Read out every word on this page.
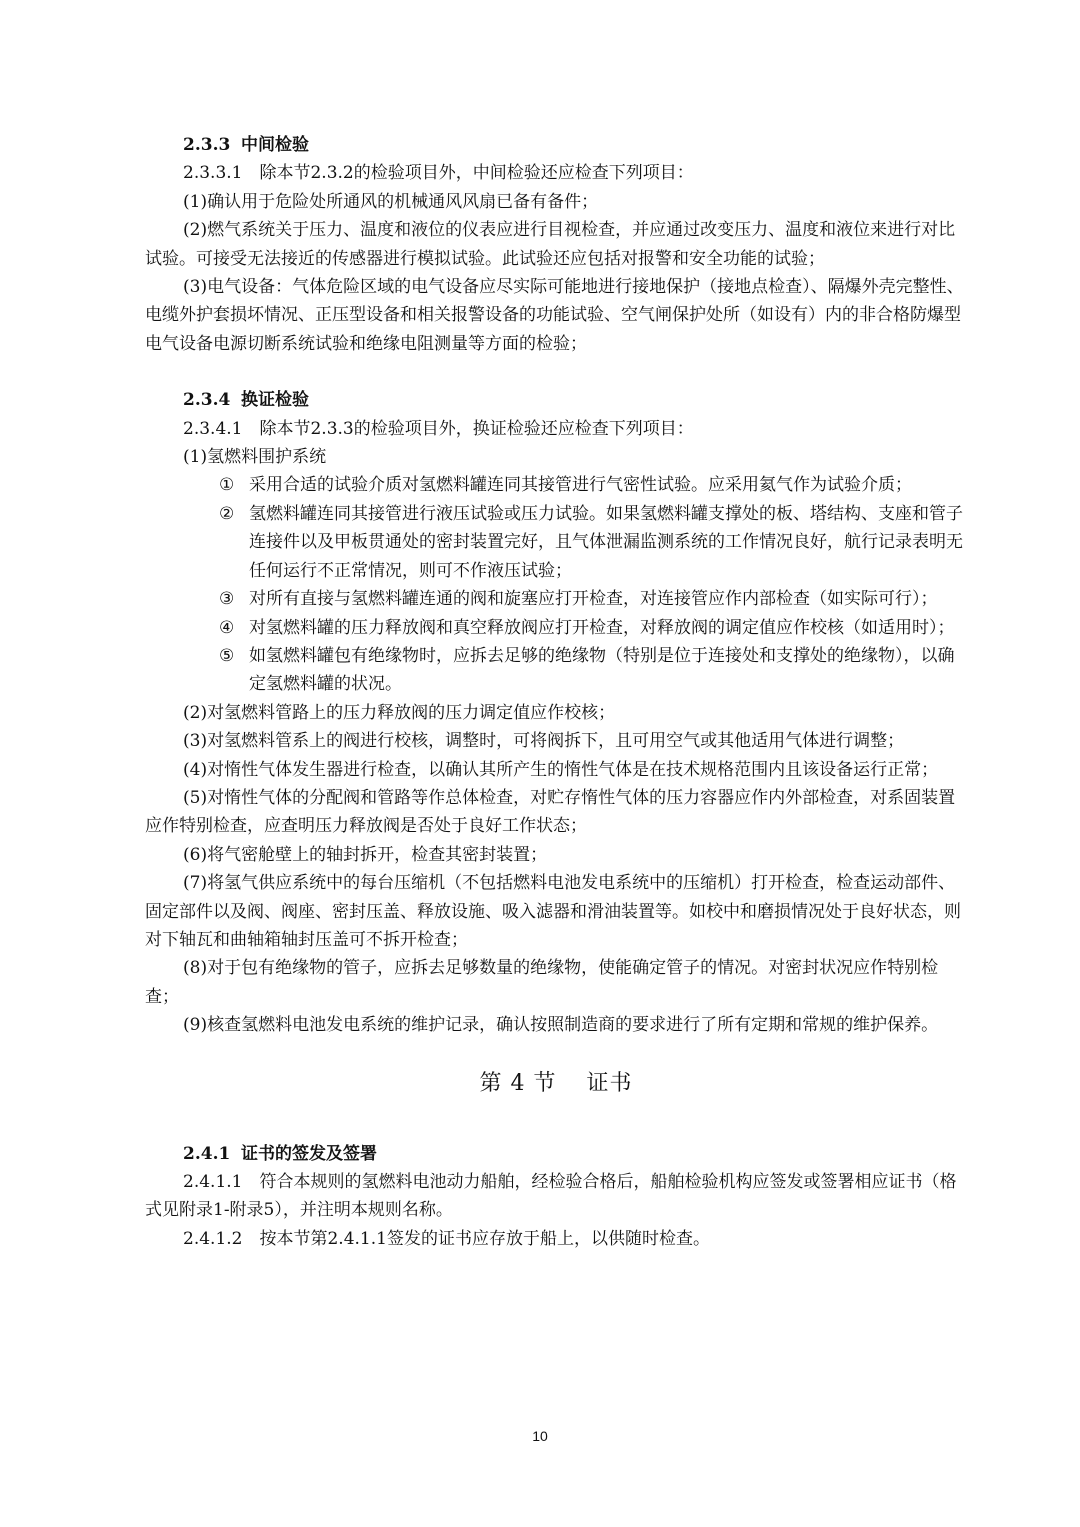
2.3.3 中间检验

2.3.3.1　除本节2.3.2的检验项目外，中间检验还应检查下列项目：

(1)确认用于危险处所通风的机械通风风扇已备有备件；

(2)燃气系统关于压力、温度和液位的仪表应进行目视检查，并应通过改变压力、温度和液位来进行对比试验。可接受无法接近的传感器进行模拟试验。此试验还应包括对报警和安全功能的试验；

(3)电气设备：气体危险区域的电气设备应尽实际可能地进行接地保护（接地点检查）、隔爆外壳完整性、电缆外护套损坏情况、正压型设备和相关报警设备的功能试验、空气闸保护处所（如设有）内的非合格防爆型电气设备电源切断系统试验和绝缘电阻测量等方面的检验；

2.3.4 换证检验

2.3.4.1　除本节2.3.3的检验项目外，换证检验还应检查下列项目：

(1)氢燃料围护系统

① 采用合适的试验介质对氢燃料罐连同其接管进行气密性试验。应采用氦气作为试验介质；
② 氢燃料罐连同其接管进行液压试验或压力试验。如果氢燃料罐支撑处的板、塔结构、支座和管子连接件以及甲板贯通处的密封装置完好，且气体泄漏监测系统的工作情况良好，航行记录表明无任何运行不正常情况，则可不作液压试验；
③ 对所有直接与氢燃料罐连通的阀和旋塞应打开检查，对连接管应作内部检查（如实际可行）；
④ 对氢燃料罐的压力释放阀和真空释放阀应打开检查，对释放阀的调定值应作校核（如适用时）；
⑤ 如氢燃料罐包有绝缘物时，应拆去足够的绝缘物（特别是位于连接处和支撑处的绝缘物），以确定氢燃料罐的状况。

(2)对氢燃料管路上的压力释放阀的压力调定值应作校核；

(3)对氢燃料管系上的阀进行校核，调整时，可将阀拆下，且可用空气或其他适用气体进行调整；

(4)对惰性气体发生器进行检查，以确认其所产生的惰性气体是在技术规格范围内且该设备运行正常；

(5)对惰性气体的分配阀和管路等作总体检查，对贮存惰性气体的压力容器应作内外部检查，对系固装置应作特别检查，应查明压力释放阀是否处于良好工作状态；

(6)将气密舱壁上的轴封拆开，检查其密封装置；

(7)将氢气供应系统中的每台压缩机（不包括燃料电池发电系统中的压缩机）打开检查，检查运动部件、固定部件以及阀、阀座、密封压盖、释放设施、吸入滤器和滑油装置等。如校中和磨损情况处于良好状态，则对下轴瓦和曲轴箱轴封压盖可不拆开检查；

(8)对于包有绝缘物的管子，应拆去足够数量的绝缘物，使能确定管子的情况。对密封状况应作特别检查；

(9)核查氢燃料电池发电系统的维护记录，确认按照制造商的要求进行了所有定期和常规的维护保养。

第 4 节 证书
2.4.1 证书的签发及签署

2.4.1.1　符合本规则的氢燃料电池动力船舶，经检验合格后，船舶检验机构应签发或签署相应证书（格式见附录1-附录5），并注明本规则名称。

2.4.1.2　按本节第2.4.1.1签发的证书应存放于船上，以供随时检查。

10
